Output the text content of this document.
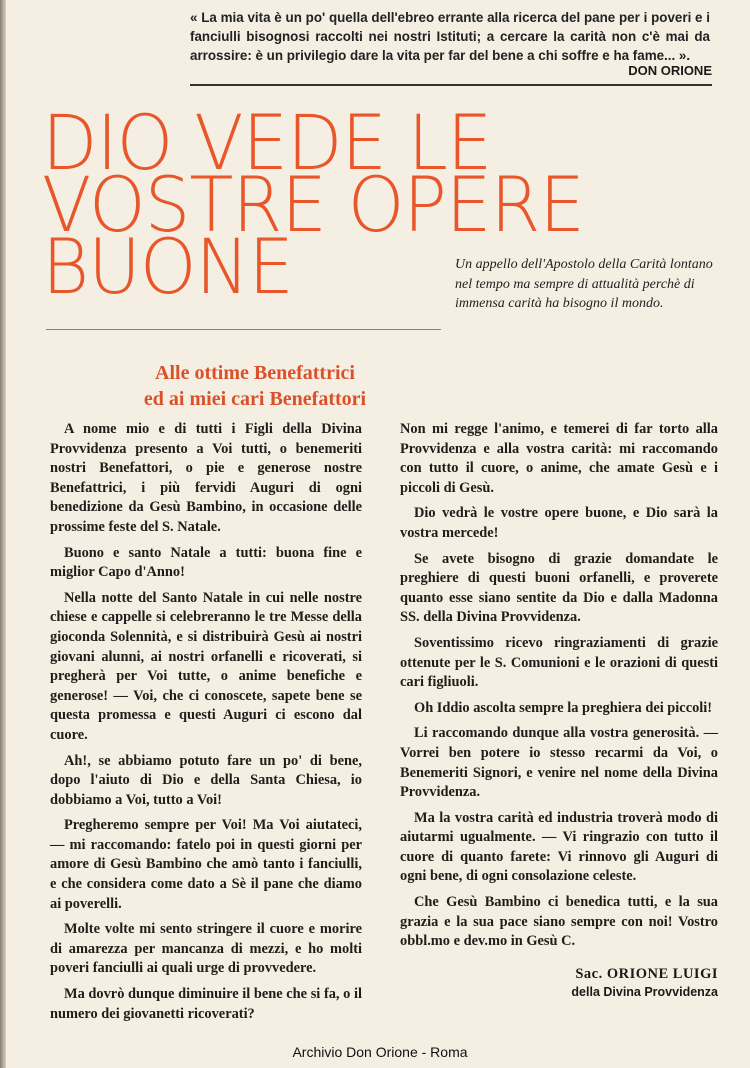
« La mia vita è un po' quella dell'ebreo errante alla ricerca del pane per i poveri e i fanciulli bisognosi raccolti nei nostri Istituti; a cercare la carità non c'è mai da arrossire: è un privilegio dare la vita per far del bene a chi soffre e ha fame... ».
DON ORIONE
DIO VEDE LE
VOSTRE OPERE
BUONE	Un appello dell'Apostolo della Carità lontano nel tempo ma sempre di attualità perchè di immensa carità ha bisogno il mondo.
Alle ottime Benefattrici
ed ai miei cari Benefattori

A nome mio e di tutti i Figli della Divina Provvidenza presento a Voi tutti, o benemeriti nostri Benefattori, o pie e generose nostre Benefattrici, i più fervidi Auguri di ogni benedizione da Gesù Bambino, in occasione delle prossime feste del S. Natale.

Buono e santo Natale a tutti: buona fine e miglior Capo d'Anno!

Nella notte del Santo Natale in cui nelle nostre chiese e cappelle si celebreranno le tre Messe della gioconda Solennità, e si distribuirà Gesù ai nostri giovani alunni, ai nostri orfanelli e ricoverati, si pregherà per Voi tutte, o anime benefiche e generose! — Voi, che ci conoscete, sapete bene se questa promessa e questi Auguri ci escono dal cuore.

Ah!, se abbiamo potuto fare un po' di bene, dopo l'aiuto di Dio e della Santa Chiesa, io dobbiamo a Voi, tutto a Voi!

Pregheremo sempre per Voi! Ma Voi aiutateci, — mi raccomando: fatelo poi in questi giorni per amore di Gesù Bambino che amò tanto i fanciulli, e che considera come dato a Sè il pane che diamo ai poverelli.

Molte volte mi sento stringere il cuore e morire di amarezza per mancanza di mezzi, e ho molti poveri fanciulli ai quali urge di provvedere.

Ma dovrò dunque diminuire il bene che si fa, o il numero dei giovanetti ricoverati?

Non mi regge l'animo, e temerei di far torto alla Provvidenza e alla vostra carità: mi raccomando con tutto il cuore, o anime, che amate Gesù e i piccoli di Gesù.

Dio vedrà le vostre opere buone, e Dio sarà la vostra mercede!

Se avete bisogno di grazie domandate le preghiere di questi buoni orfanelli, e proverete quanto esse siano sentite da Dio e dalla Madonna SS. della Divina Provvidenza.

Soventissimo ricevo ringraziamenti di grazie ottenute per le S. Comunioni e le orazioni di questi cari figliuoli.

Oh Iddio ascolta sempre la preghiera dei piccoli!

Li raccomando dunque alla vostra generosità. — Vorrei ben potere io stesso recarmi da Voi, o Benemeriti Signori, e venire nel nome della Divina Provvidenza.

Ma la vostra carità ed industria troverà modo di aiutarmi ugualmente. — Vi ringrazio con tutto il cuore di quanto farete: Vi rinnovo gli Auguri di ogni bene, di ogni consolazione celeste.

Che Gesù Bambino ci benedica tutti, e la sua grazia e la sua pace siano sempre con noi! Vostro obbl.mo e dev.mo in Gesù C.

Sac. ORIONE LUIGI
della Divina Provvidenza
Archivio Don Orione - Roma
